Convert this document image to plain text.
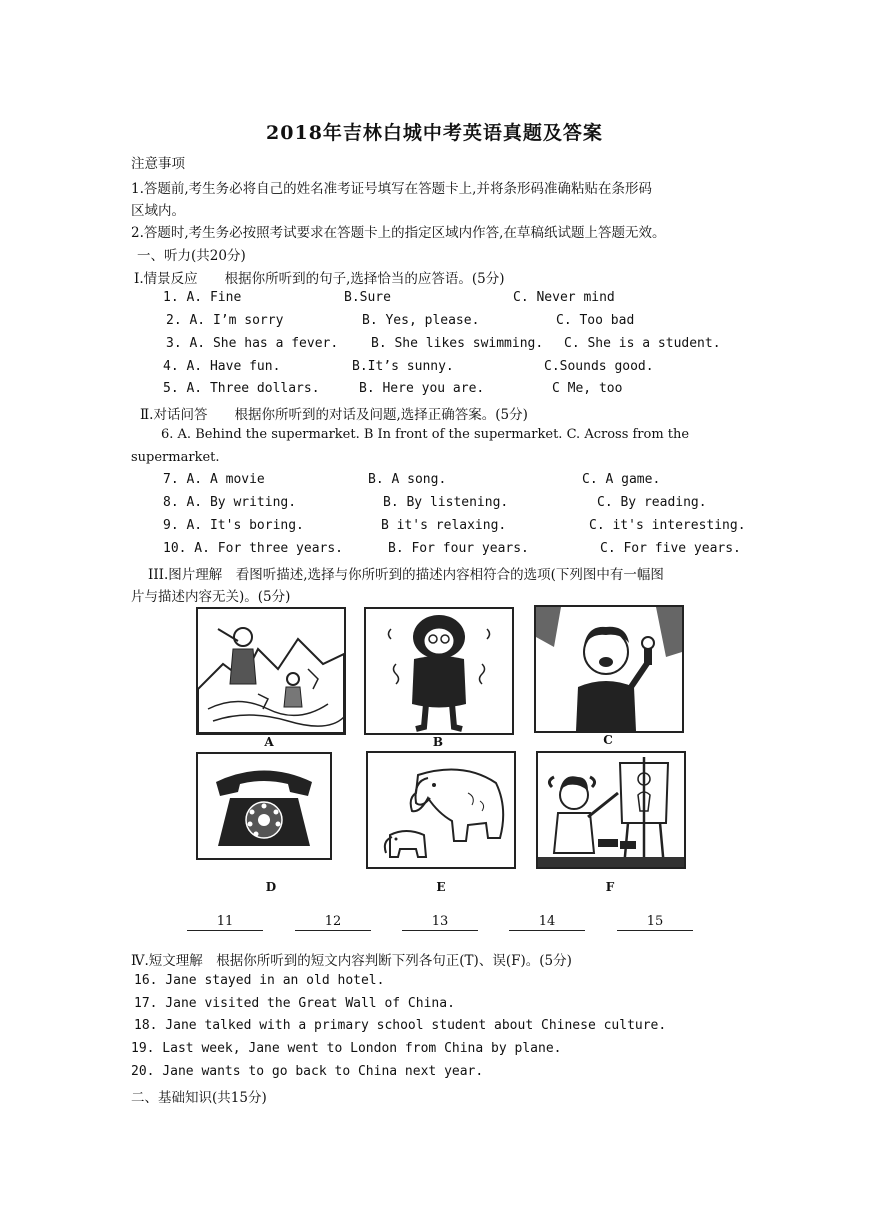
2018年吉林白城中考英语真题及答案
注意事项
1.答题前,考生务必将自己的姓名准考证号填写在答题卡上,并将条形码准确粘贴在条形码
区域内。
2.答题时,考生务必按照考试要求在答题卡上的指定区域内作答,在草稿纸试题上答题无效。
一、听力(共20分)
Ⅰ.情景反应　　根据你所听到的句子,选择恰当的应答语。(5分)
1. A. Fine	B.Sure	C. Never mind
2. A. I’m sorry	B. Yes, please.	C. Too bad
3. A. She has a fever.	B. She likes swimming. C. She is a student.
4. A. Have fun.	B.It’s sunny.	C.Sounds good.
5. A. Three dollars.	B. Here you are.	C Me, too
Ⅱ.对话问答　　根据你所听到的对话及问题,选择正确答案。(5分)
6. A. Behind the supermarket. B In front of the supermarket. C. Across from the
supermarket.
7. A. A movie	B. A song.	C. A game.
8. A. By writing.	B. By listening.	C. By reading.
9. A. It's boring.	B it's relaxing.	C. it's interesting.
10. A. For three years.	B. For four years.	C. For five years.
III.图片理解　看图听描述,选择与你所听到的描述内容相符合的选项(下列图中有一幅图
片与描述内容无关)。(5分)
A	B	C
D	E	F
11	12	13	14	15
Ⅳ.短文理解　根据你所听到的短文内容判断下列各句正(T)、误(F)。(5分)
16. Jane stayed in an old hotel.
17. Jane visited the Great Wall of China.
18. Jane talked with a primary school student about Chinese culture.
19. Last week, Jane went to London from China by plane.
20. Jane wants to go back to China next year.
二、基础知识(共15分)
